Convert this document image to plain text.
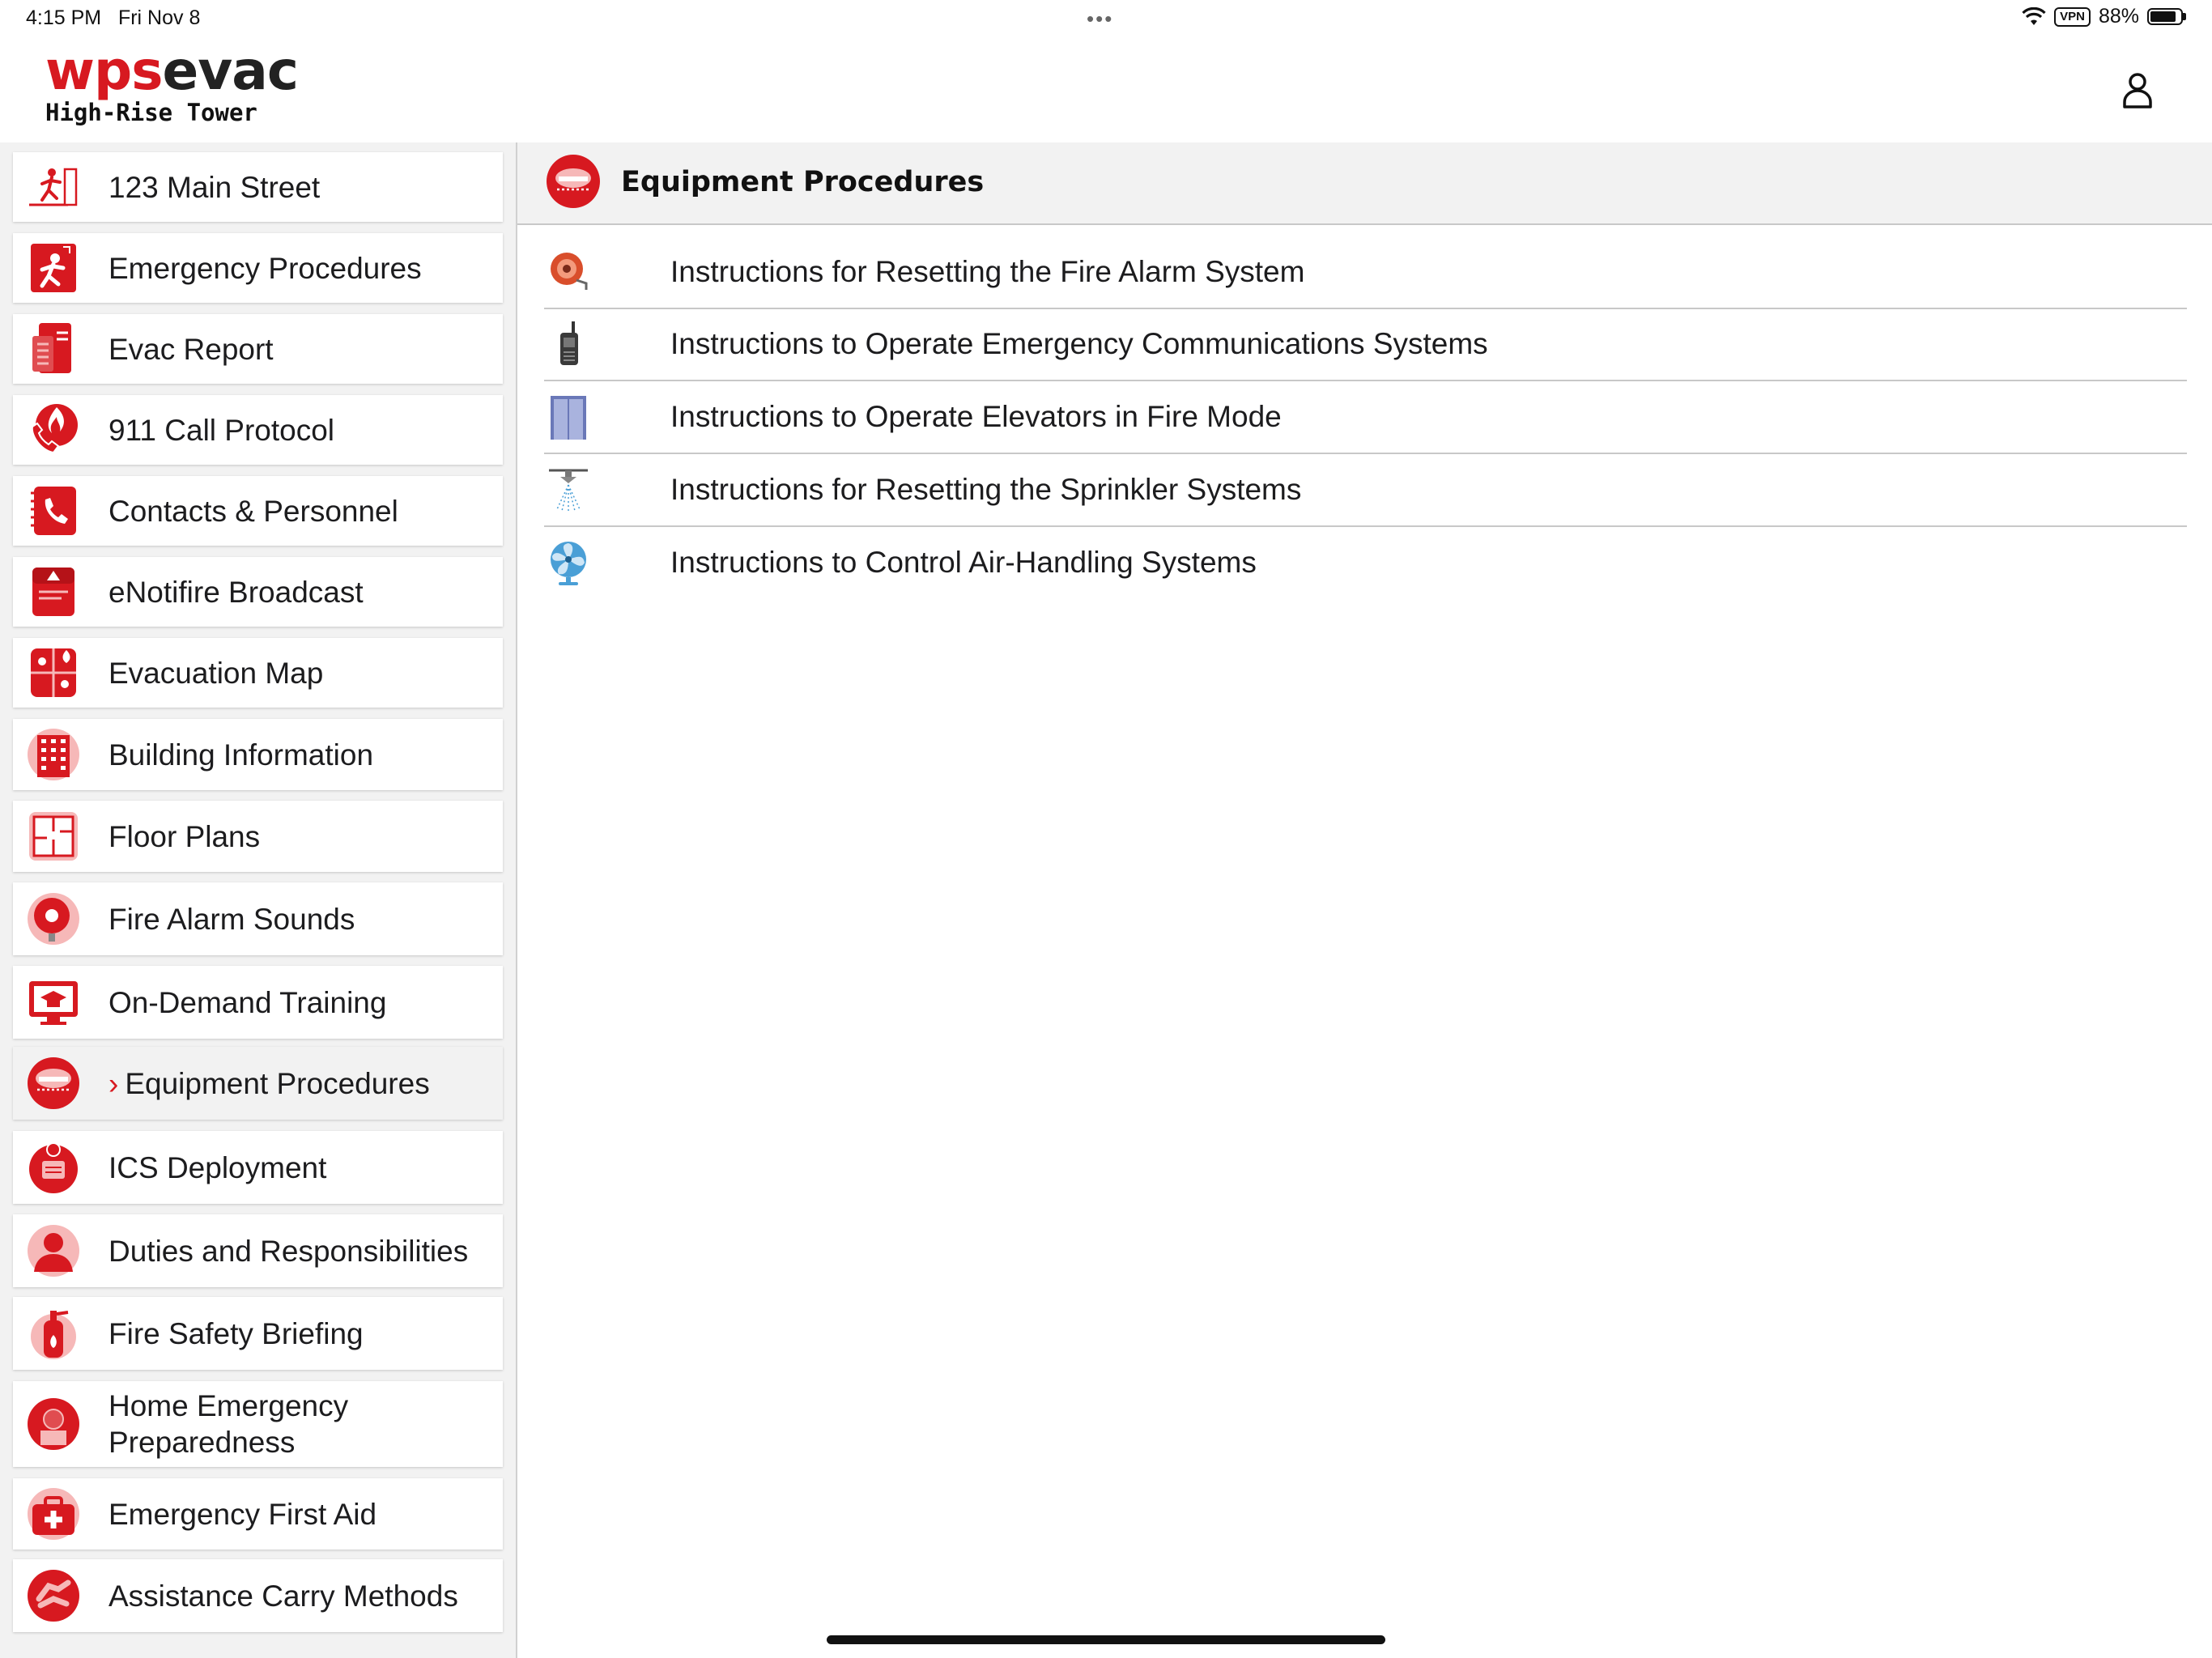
4:15 PM Fri Nov 8	•••	VPN 88%
wpsevac
High-Rise Tower
123 Main Street
Emergency Procedures
Evac Report
911 Call Protocol
Contacts & Personnel
eNotifire Broadcast
Evacuation Map
Building Information
Floor Plans
Fire Alarm Sounds
On-Demand Training
› Equipment Procedures
ICS Deployment
Duties and Responsibilities
Fire Safety Briefing
Home Emergency Preparedness
Emergency First Aid
Assistance Carry Methods
Equipment Procedures
Instructions for Resetting the Fire Alarm System
Instructions to Operate Emergency Communications Systems
Instructions to Operate Elevators in Fire Mode
Instructions for Resetting the Sprinkler Systems
Instructions to Control Air-Handling Systems
